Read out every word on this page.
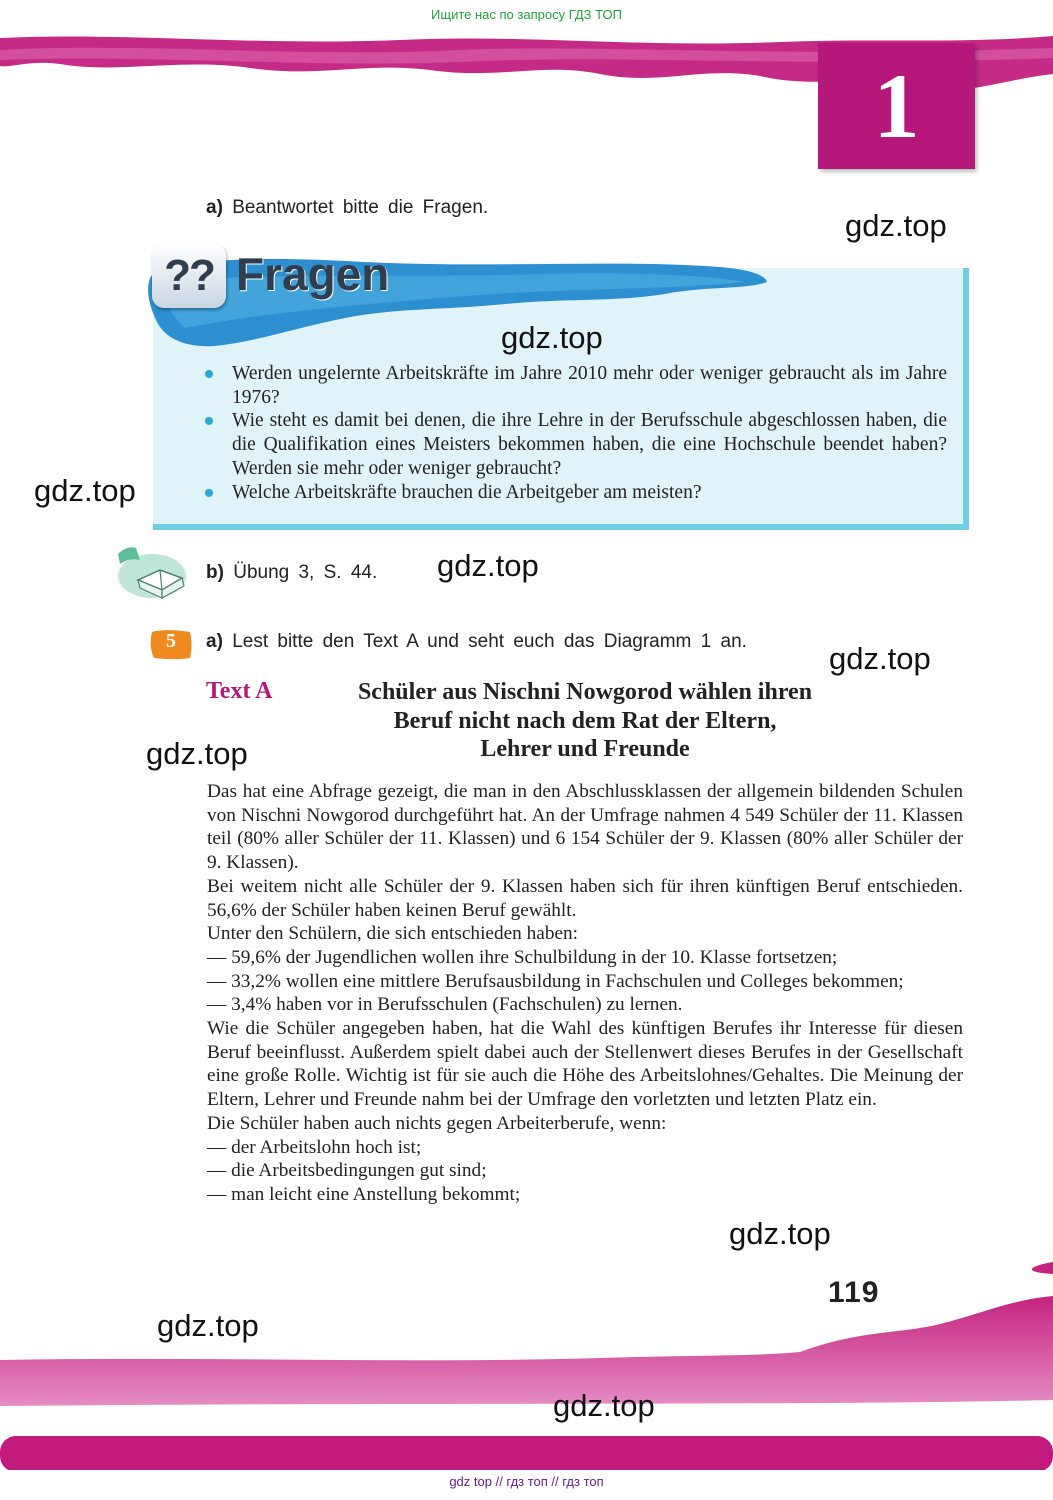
Ищите нас по запросу ГДЗ ТОП
1
a) Beantwortet bitte die Fragen.
?? Fragen
Werden ungelernte Arbeitskräfte im Jahre 2010 mehr oder weniger gebraucht als im Jahre 1976?
Wie steht es damit bei denen, die ihre Lehre in der Berufsschule abgeschlossen haben, die die Qualifikation eines Meisters bekommen haben, die eine Hochschule beendet haben? Werden sie mehr oder weniger gebraucht?
Welche Arbeitskräfte brauchen die Arbeitgeber am meisten?
b) Übung 3, S. 44.
5	a) Lest bitte den Text A und seht euch das Diagramm 1 an.
Text A	Schüler aus Nischni Nowgorod wählen ihren
Beruf nicht nach dem Rat der Eltern,
Lehrer und Freunde

Das hat eine Abfrage gezeigt, die man in den Abschlussklassen der allgemein bildenden Schulen von Nischni Nowgorod durchgeführt hat. An der Umfrage nahmen 4 549 Schüler der 11. Klassen teil (80% aller Schüler der 11. Klassen) und 6 154 Schüler der 9. Klassen (80% aller Schüler der 9. Klassen).

Bei weitem nicht alle Schüler der 9. Klassen haben sich für ihren künftigen Beruf entschieden. 56,6% der Schüler haben keinen Beruf gewählt.

Unter den Schülern, die sich entschieden haben:

— 59,6% der Jugendlichen wollen ihre Schulbildung in der 10. Klasse fortsetzen;

— 33,2% wollen eine mittlere Berufsausbildung in Fachschulen und Colleges bekommen;

— 3,4% haben vor in Berufsschulen (Fachschulen) zu lernen.

Wie die Schüler angegeben haben, hat die Wahl des künftigen Berufes ihr Interesse für diesen Beruf beeinflusst. Außerdem spielt dabei auch der Stellenwert dieses Berufes in der Gesellschaft eine große Rolle. Wichtig ist für sie auch die Höhe des Arbeitslohnes/Gehaltes. Die Meinung der Eltern, Lehrer und Freunde nahm bei der Umfrage den vorletzten und letzten Platz ein.

Die Schüler haben auch nichts gegen Arbeiterberufe, wenn:

— der Arbeitslohn hoch ist;

— die Arbeitsbedingungen gut sind;

— man leicht eine Anstellung bekommt;

119
gdz.top
gdz.top
gdz.top
gdz.top
gdz.top
gdz.top
gdz.top
gdz.top
gdz.top
gdz top // гдз топ // гдз топ
